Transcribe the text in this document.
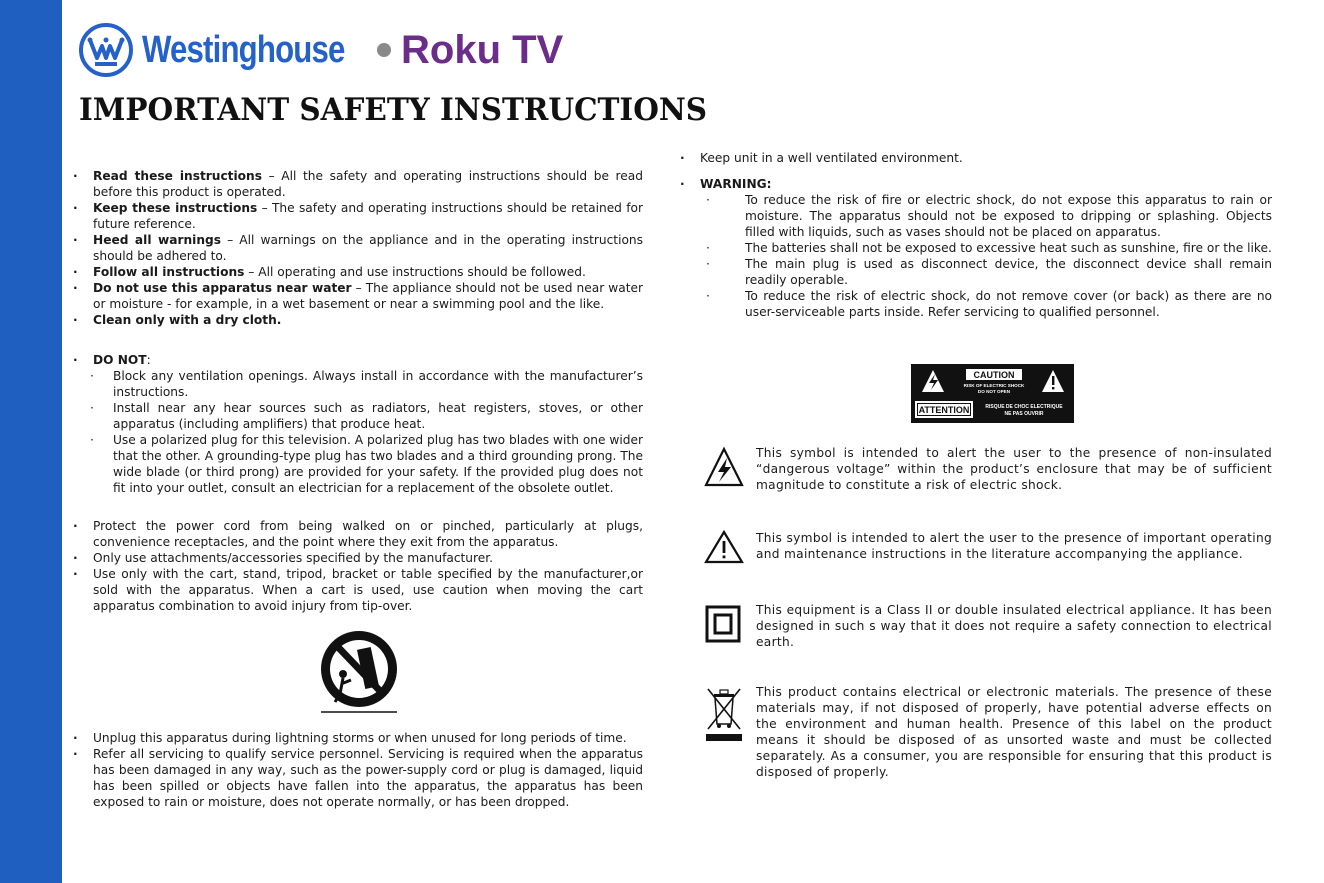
Westinghouse Roku TV
IMPORTANT SAFETY INSTRUCTIONS
· Read these instructions – All the safety and operating instructions should be read before this product is operated.
· Keep these instructions – The safety and operating instructions should be retained for future reference.
· Heed all warnings – All warnings on the appliance and in the operating instructions should be adhered to.
· Follow all instructions – All operating and use instructions should be followed.
· Do not use this apparatus near water – The appliance should not be used near water or moisture - for example, in a wet basement or near a swimming pool and the like.
· Clean only with a dry cloth.
· DO NOT:
· Block any ventilation openings. Always install in accordance with the manufacturer’s instructions.
· Install near any hear sources such as radiators, heat registers, stoves, or other apparatus (including amplifiers) that produce heat.
· Use a polarized plug for this television. A polarized plug has two blades with one wider that the other. A grounding-type plug has two blades and a third grounding prong. The wide blade (or third prong) are provided for your safety. If the provided plug does not fit into your outlet, consult an electrician for a replacement of the obsolete outlet.
· Protect the power cord from being walked on or pinched, particularly at plugs, convenience receptacles, and the point where they exit from the apparatus.
· Only use attachments/accessories specified by the manufacturer.
· Use only with the cart, stand, tripod, bracket or table specified by the manufacturer,or sold with the apparatus. When a cart is used, use caution when moving the cart apparatus combination to avoid injury from tip-over.
· Unplug this apparatus during lightning storms or when unused for long periods of time.
· Refer all servicing to qualify service personnel. Servicing is required when the apparatus has been damaged in any way, such as the power-supply cord or plug is damaged, liquid has been spilled or objects have fallen into the apparatus, the apparatus has been exposed to rain or moisture, does not operate normally, or has been dropped.
· Keep unit in a well ventilated environment.
· WARNING:
· To reduce the risk of fire or electric shock, do not expose this apparatus to rain or moisture. The apparatus should not be exposed to dripping or splashing. Objects filled with liquids, such as vases should not be placed on apparatus.
· The batteries shall not be exposed to excessive heat such as sunshine, fire or the like.
· The main plug is used as disconnect device, the disconnect device shall remain readily operable.
· To reduce the risk of electric shock, do not remove cover (or back) as there are no user-serviceable parts inside. Refer servicing to qualified personnel.
CAUTION
RISK OF ELECTRIC SHOCK
DO NOT OPEN
ATTENTION	RISQUE DE CHOC ELECTRIQUE
NE PAS OUVRIR
This symbol is intended to alert the user to the presence of non-insulated “dangerous voltage” within the product’s enclosure that may be of sufficient magnitude to constitute a risk of electric shock.
This symbol is intended to alert the user to the presence of important operating and maintenance instructions in the literature accompanying the appliance.
This equipment is a Class II or double insulated electrical appliance. It has been designed in such s way that it does not require a safety connection to electrical earth.
This product contains electrical or electronic materials. The presence of these materials may, if not disposed of properly, have potential adverse effects on the environment and human health. Presence of this label on the product means it should be disposed of as unsorted waste and must be collected separately. As a consumer, you are responsible for ensuring that this product is disposed of properly.
